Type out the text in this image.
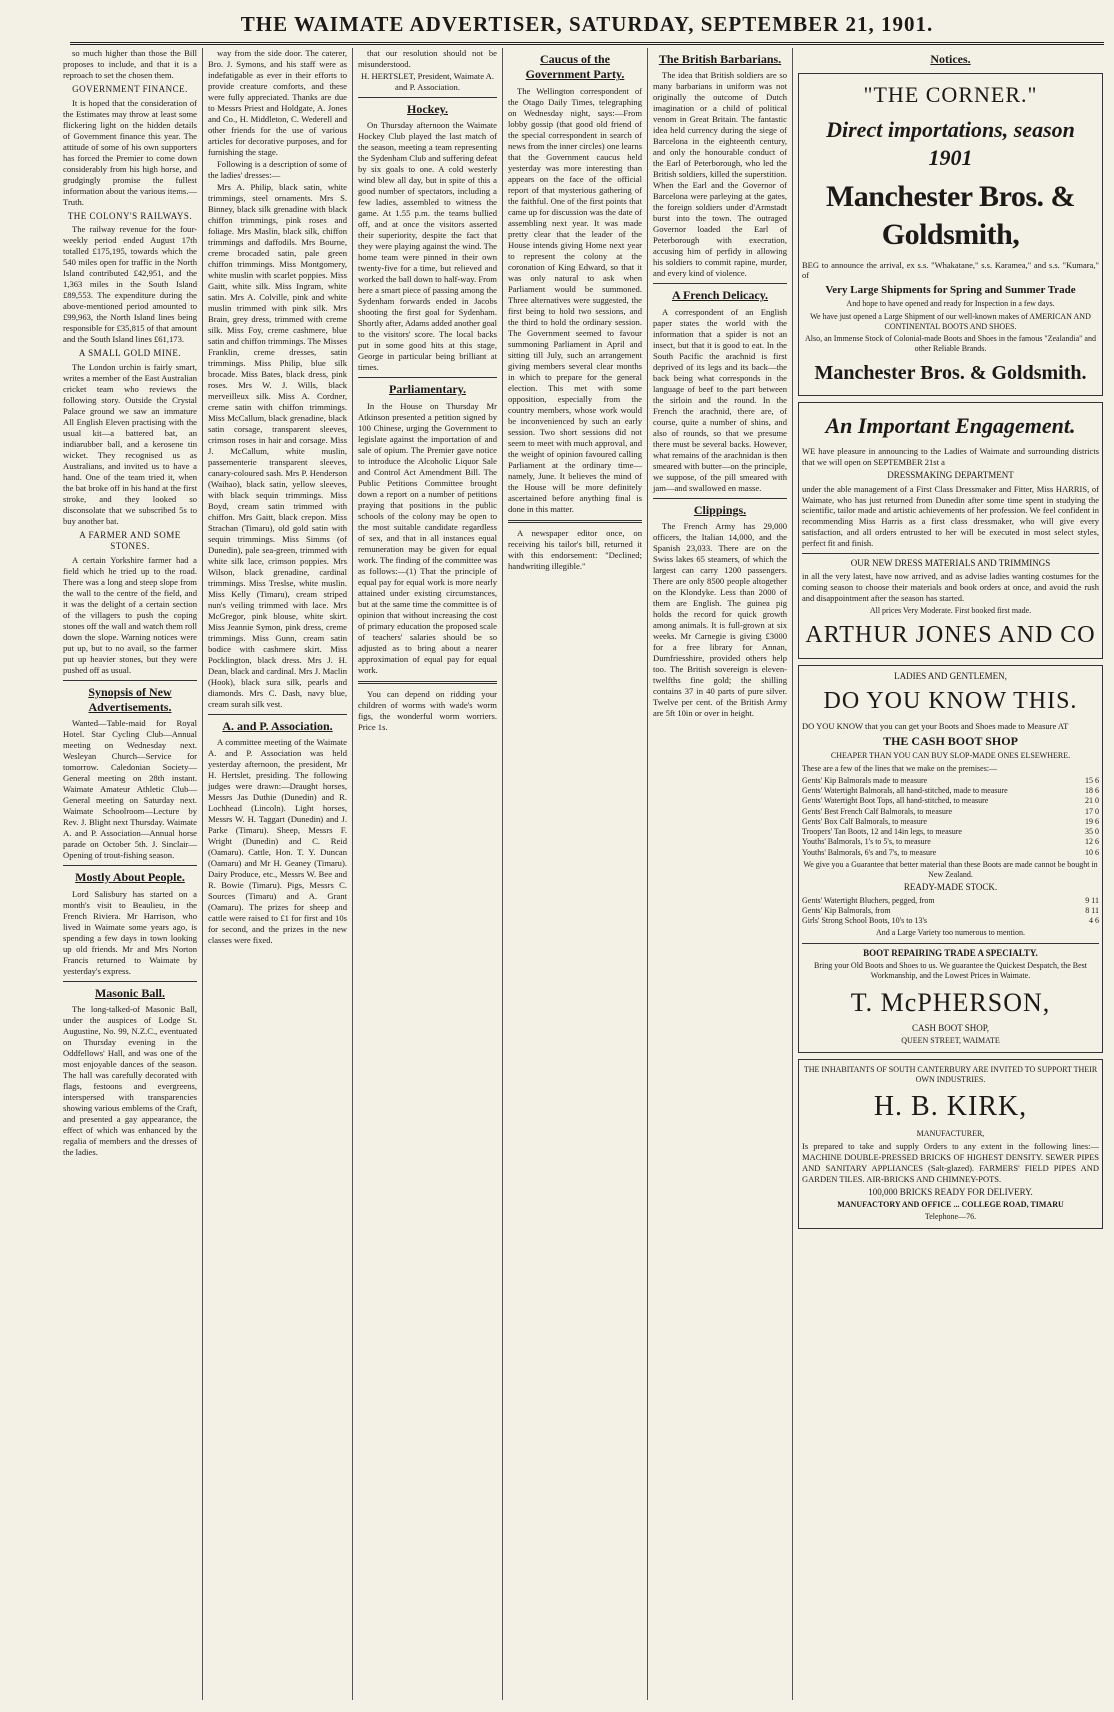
THE WAIMATE ADVERTISER, SATURDAY, SEPTEMBER 21, 1901.

so much higher than those the Bill proposes to include, and that it is a reproach to set the chosen them.

GOVERNMENT FINANCE.

It is hoped that the consideration of the Estimates may throw at least some flickering light on the hidden details of Government finance this year. The attitude of some of his own supporters has forced the Premier to come down considerably from his high horse, and grudgingly promise the fullest information about the various items.—Truth.

THE COLONY'S RAILWAYS.

The railway revenue for the four-weekly period ended August 17th totalled £175,195, towards which the 540 miles open for traffic in the North Island contributed £42,951, and the 1,363 miles in the South Island £89,553. The expenditure during the above-mentioned period amounted to £99,963, the North Island lines being responsible for £35,815 of that amount and the South Island lines £61,173.

A SMALL GOLD MINE.

The London urchin is fairly smart, writes a member of the East Australian cricket team who reviews the following story. Outside the Crystal Palace ground we saw an immature All English Eleven practising with the usual kit—a battered bat, an indiarubber ball, and a kerosene tin wicket. They recognised us as Australians, and invited us to have a hand. One of the team tried it, when the bat broke off in his hand at the first stroke, and they looked so disconsolate that we subscribed 5s to buy another bat.

A FARMER AND SOME STONES.

A certain Yorkshire farmer had a field which he tried up to the road. There was a long and steep slope from the wall to the centre of the field, and it was the delight of a certain section of the villagers to push the coping stones off the wall and watch them roll down the slope. Warning notices were put up, but to no avail, so the farmer put up heavier stones, but they were pushed off as usual.

Synopsis of New Advertisements.

Wanted—Table-maid for Royal Hotel. Star Cycling Club—Annual meeting on Wednesday next. Wesleyan Church—Service for tomorrow. Caledonian Society—General meeting on 28th instant. Waimate Amateur Athletic Club—General meeting on Saturday next. Waimate Schoolroom—Lecture by Rev. J. Blight next Thursday. Waimate A. and P. Association—Annual horse parade on October 5th. J. Sinclair—Opening of trout-fishing season.

Mostly About People.

Lord Salisbury has started on a month's visit to Beaulieu, in the French Riviera. Mr Harrison, who lived in Waimate some years ago, is spending a few days in town looking up old friends. Mr and Mrs Norton Francis returned to Waimate by yesterday's express.

Masonic Ball.

The long-talked-of Masonic Ball, under the auspices of Lodge St. Augustine, No. 99, N.Z.C., eventuated on Thursday evening in the Oddfellows' Hall, and was one of the most enjoyable dances of the season. The hall was carefully decorated with flags, festoons and evergreens, interspersed with transparencies showing various emblems of the Craft, and presented a gay appearance, the effect of which was enhanced by the regalia of members and the dresses of the ladies.

way from the side door. The caterer, Bro. J. Symons, and his staff were as indefatigable as ever in their efforts to provide creature comforts, and these were fully appreciated. Thanks are due to Messrs Priest and Holdgate, A. Jones and Co., H. Middleton, C. Wederell and other friends for the use of various articles for decorative purposes, and for furnishing the stage.

Following is a description of some of the ladies' dresses:—

Mrs A. Philip, black satin, white trimmings, steel ornaments. Mrs S. Binney, black silk grenadine with black chiffon trimmings, pink roses and foliage. Mrs Maslin, black silk, chiffon trimmings and daffodils. Mrs Bourne, creme brocaded satin, pale green chiffon trimmings. Miss Montgomery, white muslin with scarlet poppies. Miss Gaitt, white silk. Miss Ingram, white satin. Mrs A. Colville, pink and white muslin trimmed with pink silk. Mrs Brain, grey dress, trimmed with creme silk. Miss Foy, creme cashmere, blue satin and chiffon trimmings. The Misses Franklin, creme dresses, satin trimmings. Miss Philip, blue silk brocade. Miss Bates, black dress, pink roses. Mrs W. J. Wills, black merveilleux silk. Miss A. Cordner, creme satin with chiffon trimmings. Miss McCallum, black grenadine, black satin corsage, transparent sleeves, crimson roses in hair and corsage. Miss J. McCallum, white muslin, passementerie transparent sleeves, canary-coloured sash. Mrs P. Henderson (Waihao), black satin, yellow sleeves, with black sequin trimmings. Miss Boyd, cream satin trimmed with chiffon. Mrs Gaitt, black crepon. Miss Strachan (Timaru), old gold satin with sequin trimmings. Miss Simms (of Dunedin), pale sea-green, trimmed with white silk lace, crimson poppies. Mrs Wilson, black grenadine, cardinal trimmings. Miss Treslse, white muslin. Miss Kelly (Timaru), cream striped nun's veiling trimmed with lace. Mrs McGregor, pink blouse, white skirt. Miss Jeannie Symon, pink dress, creme trimmings. Miss Gunn, cream satin bodice with cashmere skirt. Miss Pocklington, black dress. Mrs J. H. Dean, black and cardinal. Mrs J. Maclin (Hook), black sura silk, pearls and diamonds. Mrs C. Dash, navy blue, cream surah silk vest.

A. and P. Association.

A committee meeting of the Waimate A. and P. Association was held yesterday afternoon, the president, Mr H. Hertslet, presiding. The following judges were drawn:—Draught horses, Messrs Jas Duthie (Dunedin) and R. Lochhead (Lincoln). Light horses, Messrs W. H. Taggart (Dunedin) and J. Parke (Timaru). Sheep, Messrs F. Wright (Dunedin) and C. Reid (Oamaru). Cattle, Hon. T. Y. Duncan (Oamaru) and Mr H. Geaney (Timaru). Dairy Produce, etc., Messrs W. Bee and R. Bowie (Timaru). Pigs, Messrs C. Sources (Timaru) and A. Grant (Oamaru). The prizes for sheep and cattle were raised to £1 for first and 10s for second, and the prizes in the new classes were fixed.

that our resolution should not be misunderstood.

H. HERTSLET, President, Waimate A. and P. Association.

Hockey.

On Thursday afternoon the Waimate Hockey Club played the last match of the season, meeting a team representing the Sydenham Club and suffering defeat by six goals to one. A cold westerly wind blew all day, but in spite of this a good number of spectators, including a few ladies, assembled to witness the game. At 1.55 p.m. the teams bullied off, and at once the visitors asserted their superiority, despite the fact that they were playing against the wind. The home team were pinned in their own twenty-five for a time, but relieved and worked the ball down to half-way. From here a smart piece of passing among the Sydenham forwards ended in Jacobs shooting the first goal for Sydenham. Shortly after, Adams added another goal to the visitors' score. The local backs put in some good hits at this stage, George in particular being brilliant at times.

Parliamentary.

In the House on Thursday Mr Atkinson presented a petition signed by 100 Chinese, urging the Government to legislate against the importation of and sale of opium. The Premier gave notice to introduce the Alcoholic Liquor Sale and Control Act Amendment Bill. The Public Petitions Committee brought down a report on a number of petitions praying that positions in the public schools of the colony may be open to the most suitable candidate regardless of sex, and that in all instances equal remuneration may be given for equal work. The finding of the committee was as follows:—(1) That the principle of equal pay for equal work is more nearly attained under existing circumstances, but at the same time the committee is of opinion that without increasing the cost of primary education the proposed scale of teachers' salaries should be so adjusted as to bring about a nearer approximation of equal pay for equal work.

You can depend on ridding your children of worms with wade's worm figs, the wonderful worm worriers. Price 1s.

Caucus of the Government Party.

The Wellington correspondent of the Otago Daily Times, telegraphing on Wednesday night, says:—From lobby gossip (that good old friend of the special correspondent in search of news from the inner circles) one learns that the Government caucus held yesterday was more interesting than appears on the face of the official report of that mysterious gathering of the faithful. One of the first points that came up for discussion was the date of assembling next year. It was made pretty clear that the leader of the House intends giving Home next year to represent the colony at the coronation of King Edward, so that it was only natural to ask when Parliament would be summoned. Three alternatives were suggested, the first being to hold two sessions, and the third to hold the ordinary session. The Government seemed to favour summoning Parliament in April and sitting till July, such an arrangement giving members several clear months in which to prepare for the general election. This met with some opposition, especially from the country members, whose work would be inconvenienced by such an early session. Two short sessions did not seem to meet with much approval, and the weight of opinion favoured calling Parliament at the ordinary time—namely, June. It believes the mind of the House will be more definitely ascertained before anything final is done in this matter.

A newspaper editor once, on receiving his tailor's bill, returned it with this endorsement: "Declined; handwriting illegible."

The British Barbarians.

The idea that British soldiers are so many barbarians in uniform was not originally the outcome of Dutch imagination or a child of political venom in Great Britain. The fantastic idea held currency during the siege of Barcelona in the eighteenth century, and only the honourable conduct of the Earl of Peterborough, who led the British soldiers, killed the superstition. When the Earl and the Governor of Barcelona were parleying at the gates, the foreign soldiers under d'Armstadt burst into the town. The outraged Governor loaded the Earl of Peterborough with execration, accusing him of perfidy in allowing his soldiers to commit rapine, murder, and every kind of violence.

A French Delicacy.

A correspondent of an English paper states the world with the information that a spider is not an insect, but that it is good to eat. In the South Pacific the arachnid is first deprived of its legs and its back—the back being what corresponds in the language of beef to the part between the sirloin and the round. In the French the arachnid, there are, of course, quite a number of shins, and also of rounds, so that we presume there must be several backs. However, what remains of the arachnidan is then smeared with butter—on the principle, we suppose, of the pill smeared with jam—and swallowed en masse.

Clippings.

The French Army has 29,000 officers, the Italian 14,000, and the Spanish 23,033. There are on the Swiss lakes 65 steamers, of which the largest can carry 1200 passengers. There are only 8500 people altogether on the Klondyke. Less than 2000 of them are English. The guinea pig holds the record for quick growth among animals. It is full-grown at six weeks. Mr Carnegie is giving £3000 for a free library for Annan, Dumfriesshire, provided others help too. The British sovereign is eleven-twelfths fine gold; the shilling contains 37 in 40 parts of pure silver. Twelve per cent. of the British Army are 5ft 10in or over in height.

Notices.
"THE CORNER."
Direct importations, season 1901
Manchester Bros. & Goldsmith,
BEG to announce the arrival, ex s.s. "Whakatane," s.s. Karamea," and s.s. "Kumara," of
Very Large Shipments for Spring and Summer Trade
And hope to have opened and ready for Inspection in a few days.
We have just opened a Large Shipment of our well-known makes of AMERICAN AND CONTINENTAL BOOTS AND SHOES.
Also, an Immense Stock of Colonial-made Boots and Shoes in the famous "Zealandia" and other Reliable Brands.
Manchester Bros. & Goldsmith.
An Important Engagement.
WE have pleasure in announcing to the Ladies of Waimate and surrounding districts that we will open on SEPTEMBER 21st a
DRESSMAKING DEPARTMENT
under the able management of a First Class Dressmaker and Fitter, Miss HARRIS, of Waimate, who has just returned from Dunedin after some time spent in studying the scientific, tailor made and artistic achievements of her profession. We feel confident in recommending Miss Harris as a first class dressmaker, who will give every satisfaction, and all orders entrusted to her will be executed in most select styles, perfect fit and finish.
OUR NEW DRESS MATERIALS AND TRIMMINGS
in all the very latest, have now arrived, and as advise ladies wanting costumes for the coming season to choose their materials and book orders at once, and avoid the rush and disappointment after the season has started.
All prices Very Moderate. First booked first made.
ARTHUR JONES AND CO
LADIES AND GENTLEMEN,
DO YOU KNOW THIS.
DO YOU KNOW that you can get your Boots and Shoes made to Measure AT
THE CASH BOOT SHOP
CHEAPER THAN YOU CAN BUY SLOP-MADE ONES ELSEWHERE.
These are a few of the lines that we make on the premises:—
Gents' Kip Balmorals made to measure	15 6
Gents' Watertight Balmorals, all hand-stitched, made to measure	18 6
Gents' Watertight Boot Tops, all hand-stitched, to measure	21 0
Gents' Best French Calf Balmorals, to measure	17 0
Gents' Box Calf Balmorals, to measure	19 6
Troopers' Tan Boots, 12 and 14in legs, to measure	35 0
Youths' Balmorals, 1's to 5's, to measure	12 6
Youths' Balmorals, 6's and 7's, to measure	10 6
We give you a Guarantee that better material than these Boots are made cannot be bought in New Zealand.
READY-MADE STOCK.
Gents' Watertight Bluchers, pegged, from	9 11
Gents' Kip Balmorals, from	8 11
Girls' Strong School Boots, 10's to 13's	4 6
And a Large Variety too numerous to mention.
BOOT REPAIRING TRADE A SPECIALTY.
Bring your Old Boots and Shoes to us. We guarantee the Quickest Despatch, the Best Workmanship, and the Lowest Prices in Waimate.
T. McPHERSON,
CASH BOOT SHOP,
QUEEN STREET, WAIMATE
THE INHABITANTS OF SOUTH CANTERBURY ARE INVITED TO SUPPORT THEIR OWN INDUSTRIES.
H. B. KIRK,
MANUFACTURER,
Is prepared to take and supply Orders to any extent in the following lines:— MACHINE DOUBLE-PRESSED BRICKS OF HIGHEST DENSITY. SEWER PIPES AND SANITARY APPLIANCES (Salt-glazed). FARMERS' FIELD PIPES AND GARDEN TILES. AIR-BRICKS AND CHIMNEY-POTS.
100,000 BRICKS READY FOR DELIVERY.
MANUFACTORY AND OFFICE ... COLLEGE ROAD, TIMARU
Telephone—76.
